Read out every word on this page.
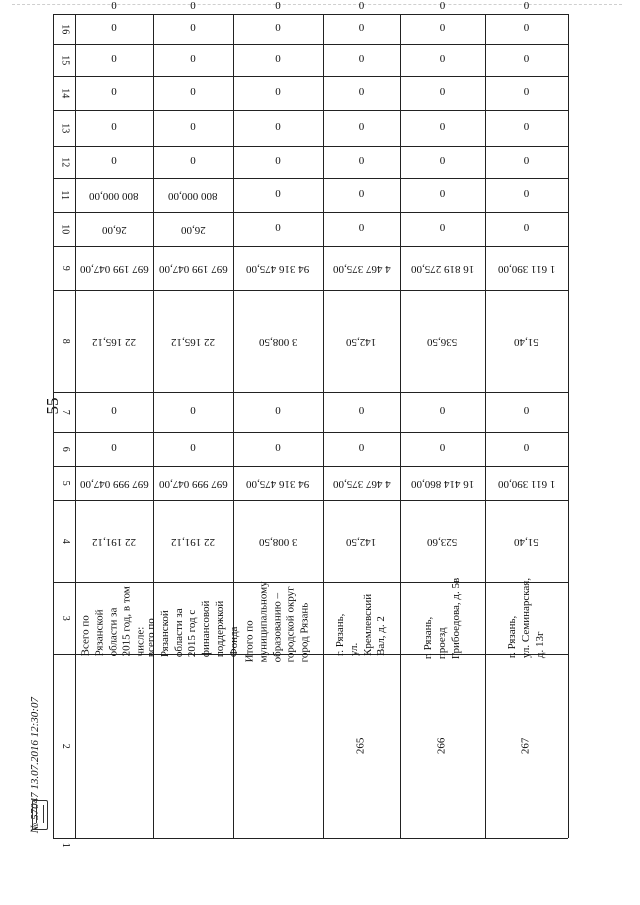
55
1
2
3
4
5
6
7
8
9
10
11
12
13
14
15
16
22 191,12
697 999 047,00
0
0
22 165,12
697 199 047,00
26,00
800 000,00
0
0
0
0
0
0
Всего по Рязанской области за
2015 год, в том числе:
22 191,12
697 999 047,00
0
0
22 165,12
697 199 047,00
26,00
800 000,00
0
0
0
0
0
0
всего по Рязанской области за
2015 год с финансовой
поддержкой Фонда
3 008,50
94 316 475,00
0
0
3 008,50
94 316 475,00
0
0
0
0
0
0
0
0
Итого по муниципальному
образованию – городской округ
город Рязань
142,50
4 467 375,00
0
0
142,50
4 467 375,00
0
0
0
0
0
0
0
0
г. Рязань,
ул. Кремлевский Вал, д. 2
265
523,60
16 414 860,00
0
0
536,50
16 819 275,00
0
0
0
0
0
0
0
0
г. Рязань,
проезд Грибоедова, д. 5в
266
51,40
1 611 390,00
0
0
51,40
1 611 390,00
0
0
0
0
0
0
0
0
г. Рязань,
ул. Семинарская, д. 13г
267
№ 57047 13.07.2016 12:30:07
